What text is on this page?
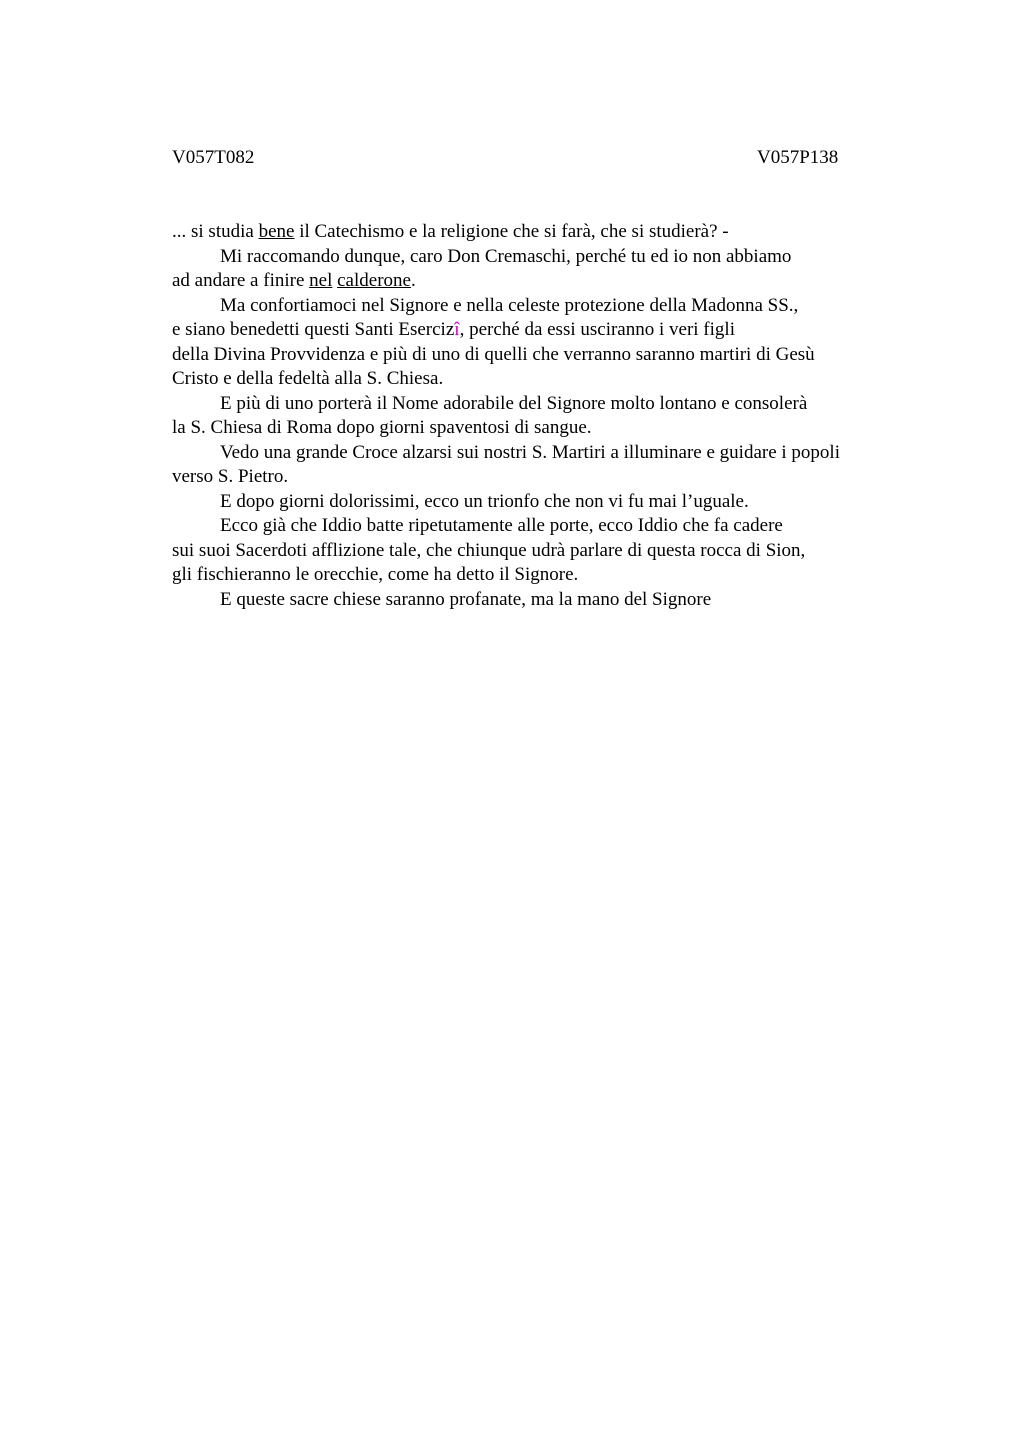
V057T082	V057P138
... si studia bene il Catechismo e la religione che si farà, che si studierà? -
Mi raccomando dunque, caro Don Cremaschi, perché tu ed io non abbiamo
ad andare a finire nel calderone.
Ma confortiamoci nel Signore e nella celeste protezione della Madonna SS.,
e siano benedetti questi Santi Esercizî, perché da essi usciranno i veri figli
della Divina Provvidenza e più di uno di quelli che verranno saranno martiri di Gesù
Cristo e della fedeltà alla S. Chiesa.
E più di uno porterà il Nome adorabile del Signore molto lontano e consolerà
la S. Chiesa di Roma dopo giorni spaventosi di sangue.
Vedo una grande Croce alzarsi sui nostri S. Martiri a illuminare e guidare i popoli
verso S. Pietro.
E dopo giorni dolorissimi, ecco un trionfo che non vi fu mai l’uguale.
Ecco già che Iddio batte ripetutamente alle porte, ecco Iddio che fa cadere
sui suoi Sacerdoti afflizione tale, che chiunque udrà parlare di questa rocca di Sion,
gli fischieranno le orecchie, come ha detto il Signore.
E queste sacre chiese saranno profanate, ma la mano del Signore
